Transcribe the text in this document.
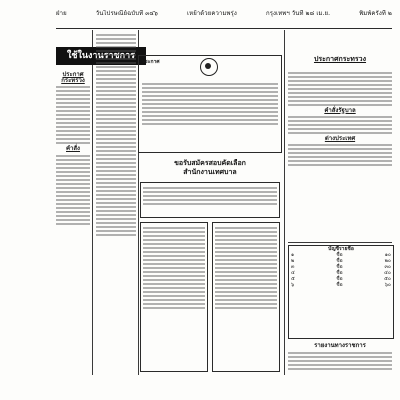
ฝ่าย	วันไปรษณีย์ฉบับที่ ๓๔๖	เหย้าด้วยความพรุ่ง	กรุงเทพฯ วันที่ ๒๘ เม.ย.	พิมพ์ครั้งที่ ๒
ใช้ในงานราชการ
ประกาศกระทรวง
คำสั่ง
ประกาศ
ขอรับสมัครสอบคัดเลือก
สำนักงานเทศบาล
ประกาศกระทรวง
คำสั่งรัฐบาล
ต่างประเทศ
บัญชีรายชื่อ
๑	ชื่อ	๑๐
๒	ชื่อ	๒๐
๓	ชื่อ	๓๐
๔	ชื่อ	๔๐
๕	ชื่อ	๕๐
๖	ชื่อ	๖๐
รายงานทางราชการ
